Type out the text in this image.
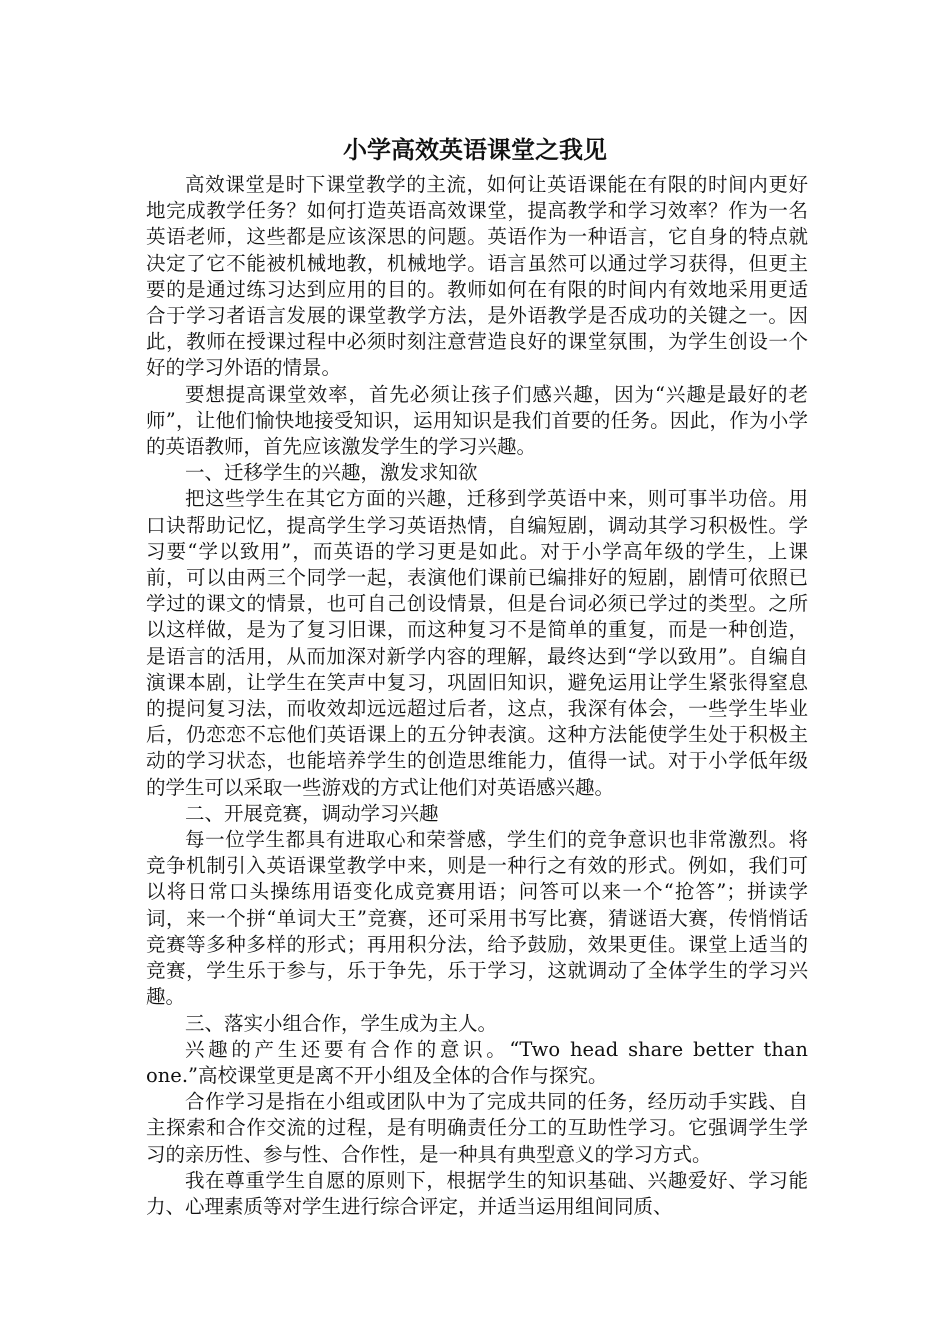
小学高效英语课堂之我见

高效课堂是时下课堂教学的主流，如何让英语课能在有限的时间内更好地完成教学任务？如何打造英语高效课堂，提高教学和学习效率？作为一名英语老师，这些都是应该深思的问题。英语作为一种语言，它自身的特点就决定了它不能被机械地教，机械地学。语言虽然可以通过学习获得，但更主要的是通过练习达到应用的目的。教师如何在有限的时间内有效地采用更适合于学习者语言发展的课堂教学方法，是外语教学是否成功的关键之一。因此，教师在授课过程中必须时刻注意营造良好的课堂氛围，为学生创设一个好的学习外语的情景。

要想提高课堂效率，首先必须让孩子们感兴趣，因为“兴趣是最好的老师”，让他们愉快地接受知识，运用知识是我们首要的任务。因此，作为小学的英语教师，首先应该激发学生的学习兴趣。

一、迁移学生的兴趣，激发求知欲

把这些学生在其它方面的兴趣，迁移到学英语中来，则可事半功倍。用口诀帮助记忆，提高学生学习英语热情，自编短剧，调动其学习积极性。学习要“学以致用”，而英语的学习更是如此。对于小学高年级的学生，上课前，可以由两三个同学一起，表演他们课前已编排好的短剧，剧情可依照已学过的课文的情景，也可自己创设情景，但是台词必须已学过的类型。之所以这样做，是为了复习旧课，而这种复习不是简单的重复，而是一种创造，是语言的活用，从而加深对新学内容的理解，最终达到“学以致用”。自编自演课本剧，让学生在笑声中复习，巩固旧知识，避免运用让学生紧张得窒息的提问复习法，而收效却远远超过后者，这点，我深有体会，一些学生毕业后，仍恋恋不忘他们英语课上的五分钟表演。这种方法能使学生处于积极主动的学习状态，也能培养学生的创造思维能力，值得一试。对于小学低年级的学生可以采取一些游戏的方式让他们对英语感兴趣。

二、开展竞赛，调动学习兴趣

每一位学生都具有进取心和荣誉感，学生们的竞争意识也非常激烈。将竞争机制引入英语课堂教学中来，则是一种行之有效的形式。例如，我们可以将日常口头操练用语变化成竞赛用语；问答可以来一个“抢答”；拼读学词，来一个拼“单词大王”竞赛，还可采用书写比赛，猜谜语大赛，传悄悄话竞赛等多种多样的形式；再用积分法，给予鼓励，效果更佳。课堂上适当的竞赛，学生乐于参与，乐于争先，乐于学习，这就调动了全体学生的学习兴趣。

三、落实小组合作，学生成为主人。

兴趣的产生还要有合作的意识。“Two head share better than one.”高校课堂更是离不开小组及全体的合作与探究。

合作学习是指在小组或团队中为了完成共同的任务，经历动手实践、自主探索和合作交流的过程，是有明确责任分工的互助性学习。它强调学生学习的亲历性、参与性、合作性，是一种具有典型意义的学习方式。

我在尊重学生自愿的原则下，根据学生的知识基础、兴趣爱好、学习能力、心理素质等对学生进行综合评定，并适当运用组间同质、
